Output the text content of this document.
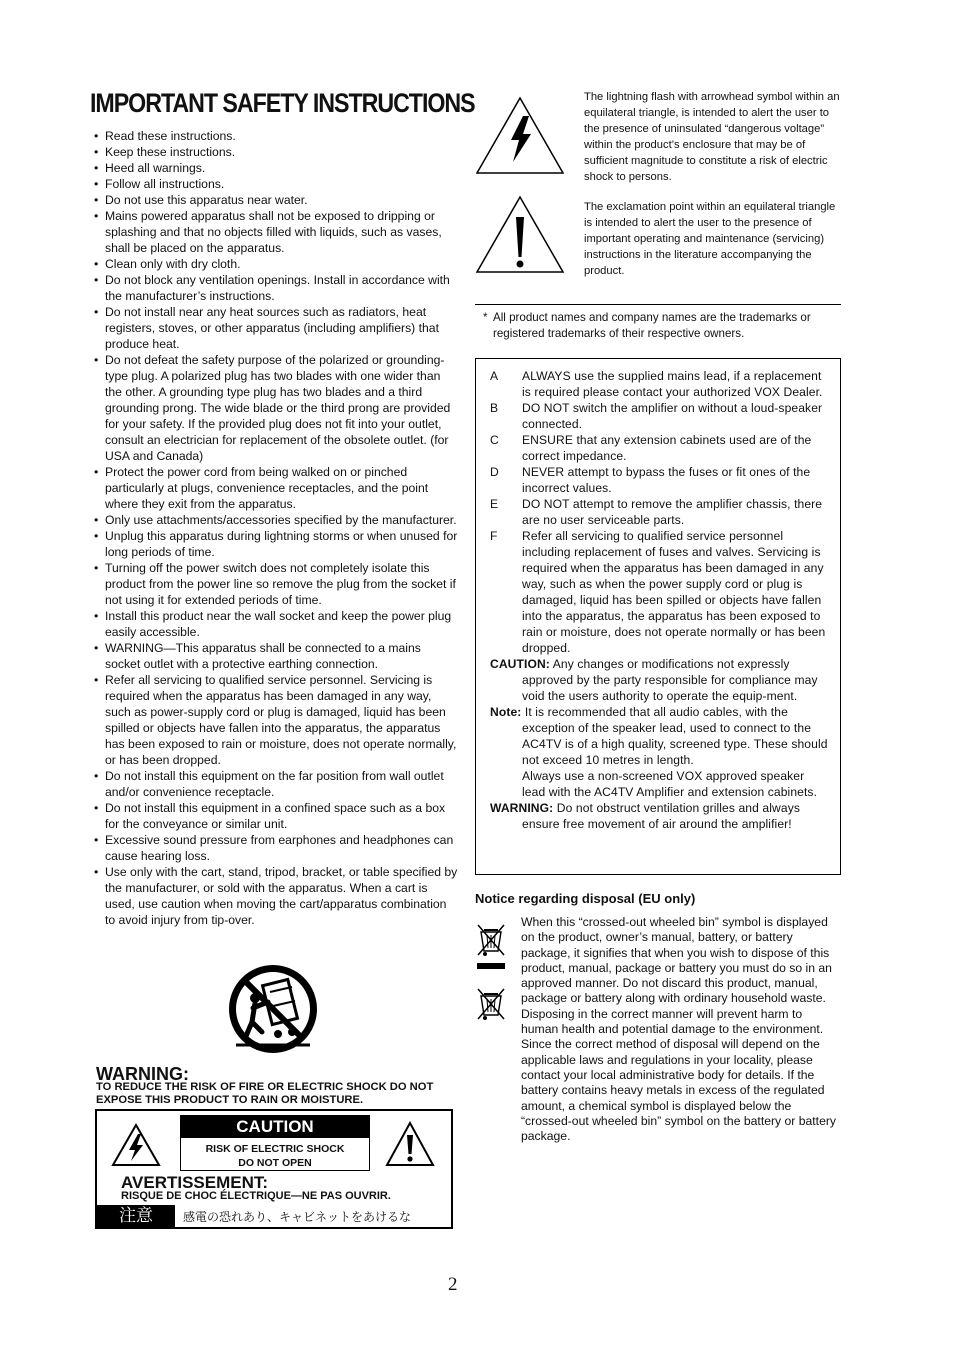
IMPORTANT SAFETY INSTRUCTIONS
• Read these instructions.
• Keep these instructions.
• Heed all warnings.
• Follow all instructions.
• Do not use this apparatus near water.
• Mains powered apparatus shall not be exposed to dripping or splashing and that no objects filled with liquids, such as vases, shall be placed on the apparatus.
• Clean only with dry cloth.
• Do not block any ventilation openings. Install in accordance with the manufacturer’s instructions.
• Do not install near any heat sources such as radiators, heat registers, stoves, or other apparatus (including amplifiers) that produce heat.
• Do not defeat the safety purpose of the polarized or grounding-type plug. A polarized plug has two blades with one wider than the other. A grounding type plug has two blades and a third grounding prong. The wide blade or the third prong are provided for your safety. If the provided plug does not fit into your outlet, consult an electrician for replacement of the obsolete outlet. (for USA and Canada)
• Protect the power cord from being walked on or pinched particularly at plugs, convenience receptacles, and the point where they exit from the apparatus.
• Only use attachments/accessories specified by the manufacturer.
• Unplug this apparatus during lightning storms or when unused for long periods of time.
• Turning off the power switch does not completely isolate this product from the power line so remove the plug from the socket if not using it for extended periods of time.
• Install this product near the wall socket and keep the power plug easily accessible.
• WARNING—This apparatus shall be connected to a mains socket outlet with a protective earthing connection.
• Refer all servicing to qualified service personnel. Servicing is required when the apparatus has been damaged in any way, such as power-supply cord or plug is damaged, liquid has been spilled or objects have fallen into the apparatus, the apparatus has been exposed to rain or moisture, does not operate normally, or has been dropped.
• Do not install this equipment on the far position from wall outlet and/or convenience receptacle.
• Do not install this equipment in a confined space such as a box for the conveyance or similar unit.
• Excessive sound pressure from earphones and headphones can cause hearing loss.
• Use only with the cart, stand, tripod, bracket, or table specified by the manufacturer, or sold with the apparatus. When a cart is used, use caution when moving the cart/apparatus combination to avoid injury from tip-over.
WARNING:
TO REDUCE THE RISK OF FIRE OR ELECTRIC SHOCK DO NOT EXPOSE THIS PRODUCT TO RAIN OR MOISTURE.
CAUTION
RISK OF ELECTRIC SHOCK
DO NOT OPEN
AVERTISSEMENT:
RISQUE DE CHOC ÉLECTRIQUE—NE PAS OUVRIR.
注意	感電の恐れあり、キャビネットをあけるな
2
The lightning flash with arrowhead symbol within an equilateral triangle, is intended to alert the user to the presence of uninsulated “dangerous voltage” within the product’s enclosure that may be of sufficient magnitude to constitute a risk of electric shock to persons.
The exclamation point within an equilateral triangle is intended to alert the user to the presence of important operating and maintenance (servicing) instructions in the literature accompanying the product.
* All product names and company names are the trademarks or registered trademarks of their respective owners.
A ALWAYS use the supplied mains lead, if a replacement is required please contact your authorized VOX Dealer.
B DO NOT switch the amplifier on without a loud-speaker connected.
C ENSURE that any extension cabinets used are of the correct impedance.
D NEVER attempt to bypass the fuses or fit ones of the incorrect values.
E DO NOT attempt to remove the amplifier chassis, there are no user serviceable parts.
F Refer all servicing to qualified service personnel including replacement of fuses and valves. Servicing is required when the apparatus has been damaged in any way, such as when the power supply cord or plug is damaged, liquid has been spilled or objects have fallen into the apparatus, the apparatus has been exposed to rain or moisture, does not operate normally or has been dropped.
CAUTION: Any changes or modifications not expressly approved by the party responsible for compliance may void the users authority to operate the equip-ment.
Note: It is recommended that all audio cables, with the exception of the speaker lead, used to connect to the AC4TV is of a high quality, screened type. These should not exceed 10 metres in length.
Always use a non-screened VOX approved speaker lead with the AC4TV Amplifier and extension cabinets.
WARNING: Do not obstruct ventilation grilles and always ensure free movement of air around the amplifier!
Notice regarding disposal (EU only)
When this “crossed-out wheeled bin” symbol is displayed on the product, owner’s manual, battery, or battery package, it signifies that when you wish to dispose of this product, manual, package or battery you must do so in an approved manner. Do not discard this product, manual, package or battery along with ordinary household waste. Disposing in the correct manner will prevent harm to human health and potential damage to the environment. Since the correct method of disposal will depend on the applicable laws and regulations in your locality, please contact your local administrative body for details. If the battery contains heavy metals in excess of the regulated amount, a chemical symbol is displayed below the “crossed-out wheeled bin” symbol on the battery or battery package.
